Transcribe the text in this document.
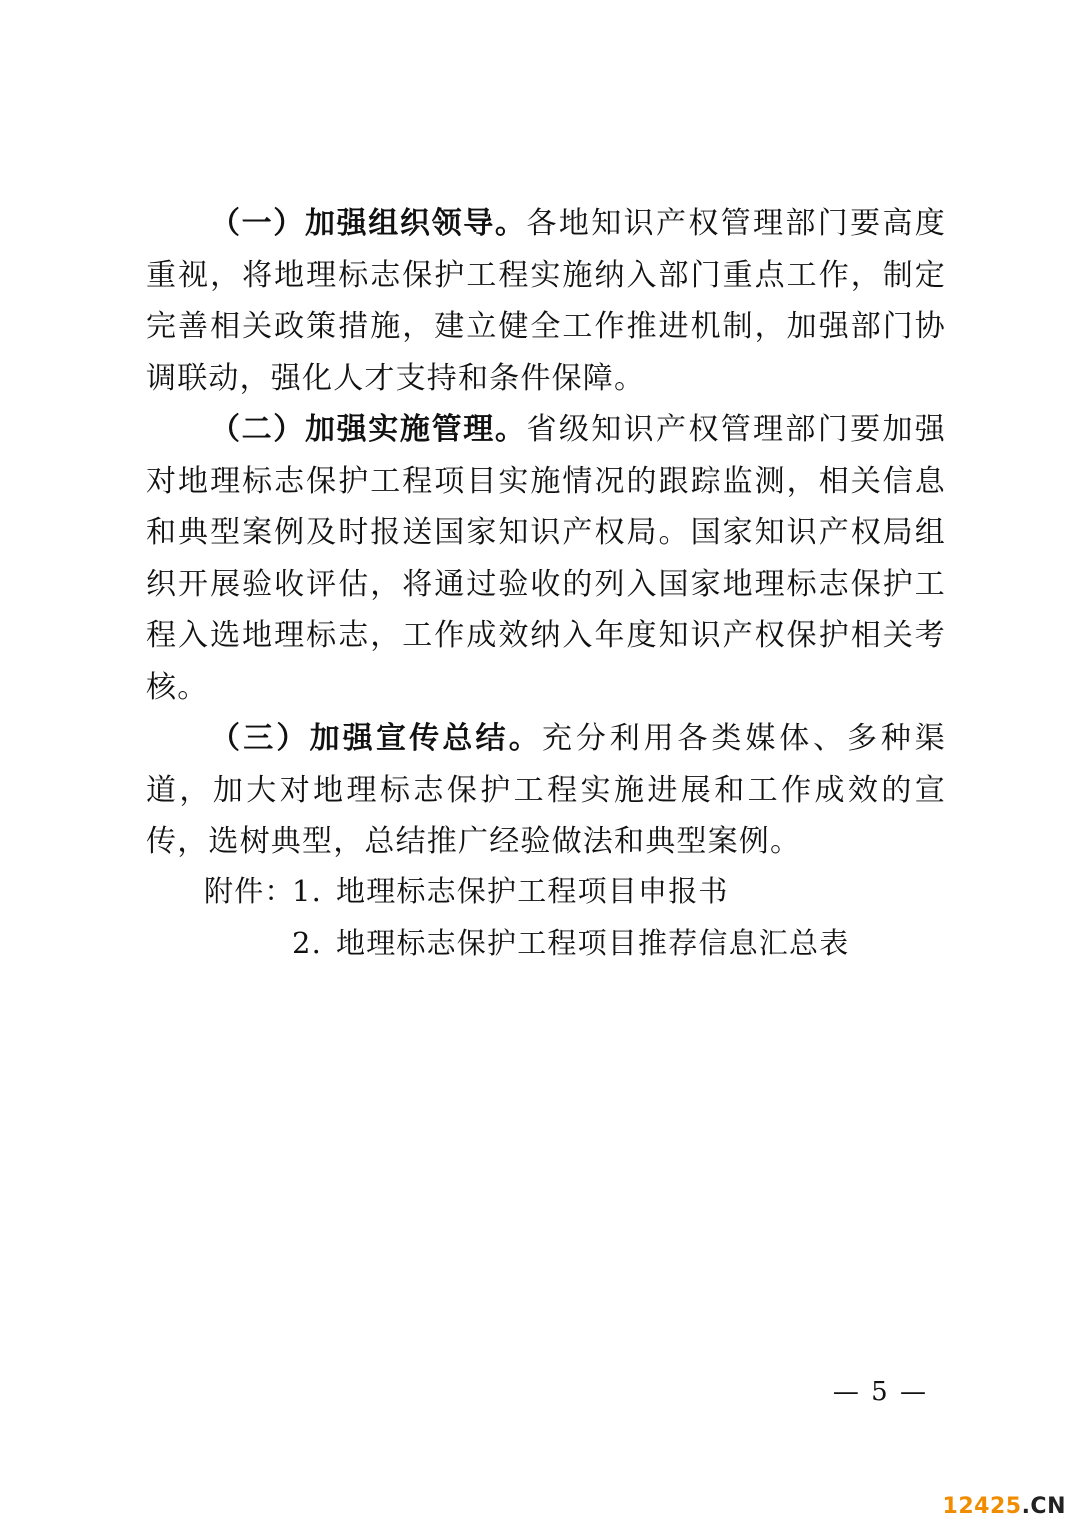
（一）加强组织领导。各地知识产权管理部门要高度重视，将地理标志保护工程实施纳入部门重点工作，制定完善相关政策措施，建立健全工作推进机制，加强部门协调联动，强化人才支持和条件保障。

（二）加强实施管理。省级知识产权管理部门要加强对地理标志保护工程项目实施情况的跟踪监测，相关信息和典型案例及时报送国家知识产权局。国家知识产权局组织开展验收评估，将通过验收的列入国家地理标志保护工程入选地理标志，工作成效纳入年度知识产权保护相关考核。

（三）加强宣传总结。充分利用各类媒体、多种渠道，加大对地理标志保护工程实施进展和工作成效的宣传，选树典型，总结推广经验做法和典型案例。

附件：1. 地理标志保护工程项目申报书
2. 地理标志保护工程项目推荐信息汇总表
— 5 —
12425.CN
